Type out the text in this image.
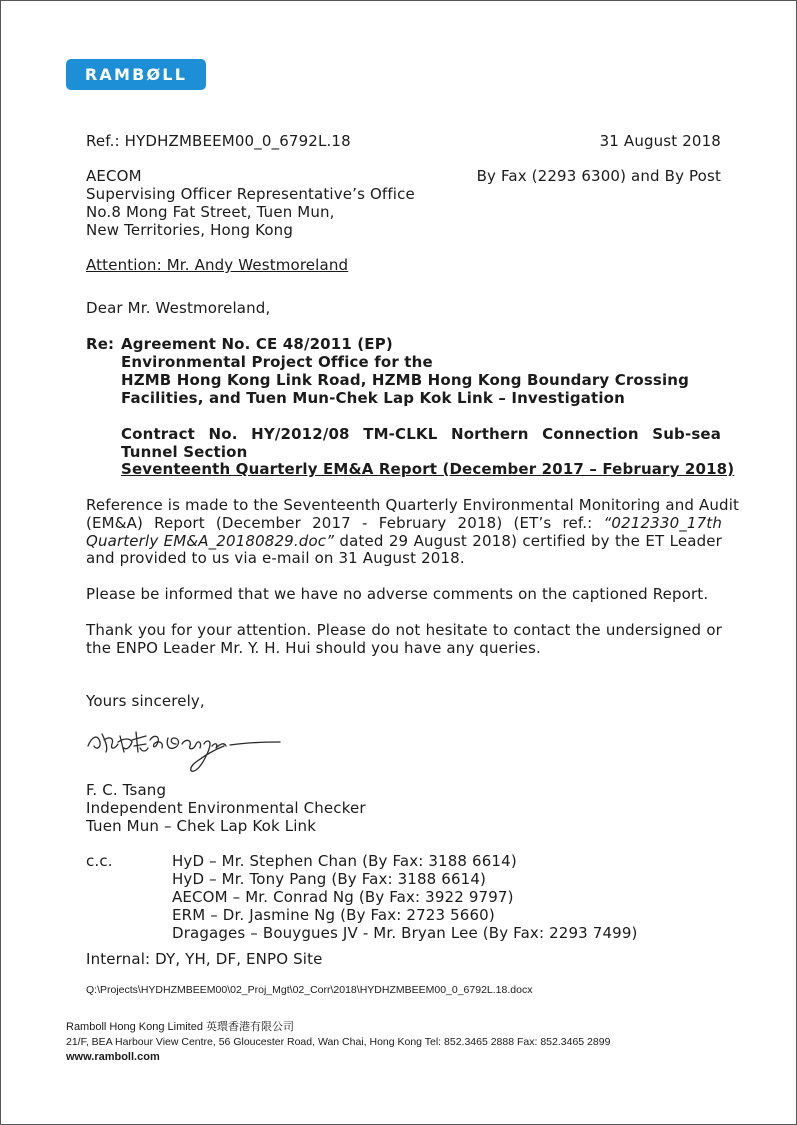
RAMBØLL
Ref.: HYDHZMBEEM00_0_6792L.18	31 August 2018
AECOM
Supervising Officer Representative’s Office
No.8 Mong Fat Street, Tuen Mun,
New Territories, Hong Kong
By Fax (2293 6300) and By Post
Attention: Mr. Andy Westmoreland
Dear Mr. Westmoreland,
Re: Agreement No. CE 48/2011 (EP)
Environmental Project Office for the
HZMB Hong Kong Link Road, HZMB Hong Kong Boundary Crossing
Facilities, and Tuen Mun-Chek Lap Kok Link – Investigation
Contract No. HY/2012/08 TM-CLKL Northern Connection Sub-sea
Tunnel Section
Seventeenth Quarterly EM&A Report (December 2017 – February 2018)
Reference is made to the Seventeenth Quarterly Environmental Monitoring and Audit
(EM&A) Report (December 2017 - February 2018) (ET’s ref.: “0212330_17th
Quarterly EM&A_20180829.doc” dated 29 August 2018) certified by the ET Leader
and provided to us via e-mail on 31 August 2018.
Please be informed that we have no adverse comments on the captioned Report.
Thank you for your attention. Please do not hesitate to contact the undersigned or
the ENPO Leader Mr. Y. H. Hui should you have any queries.
Yours sincerely,
F. C. Tsang
Independent Environmental Checker
Tuen Mun – Chek Lap Kok Link
c.c.	HyD – Mr. Stephen Chan (By Fax: 3188 6614)
HyD – Mr. Tony Pang (By Fax: 3188 6614)
AECOM – Mr. Conrad Ng (By Fax: 3922 9797)
ERM – Dr. Jasmine Ng (By Fax: 2723 5660)
Dragages – Bouygues JV - Mr. Bryan Lee (By Fax: 2293 7499)
Internal: DY, YH, DF, ENPO Site
Q:\Projects\HYDHZMBEEM00\02_Proj_Mgt\02_Corr\2018\HYDHZMBEEM00_0_6792L.18.docx
Ramboll Hong Kong Limited 英環香港有限公司
21/F, BEA Harbour View Centre, 56 Gloucester Road, Wan Chai, Hong Kong Tel: 852.3465 2888 Fax: 852.3465 2899
www.ramboll.com
